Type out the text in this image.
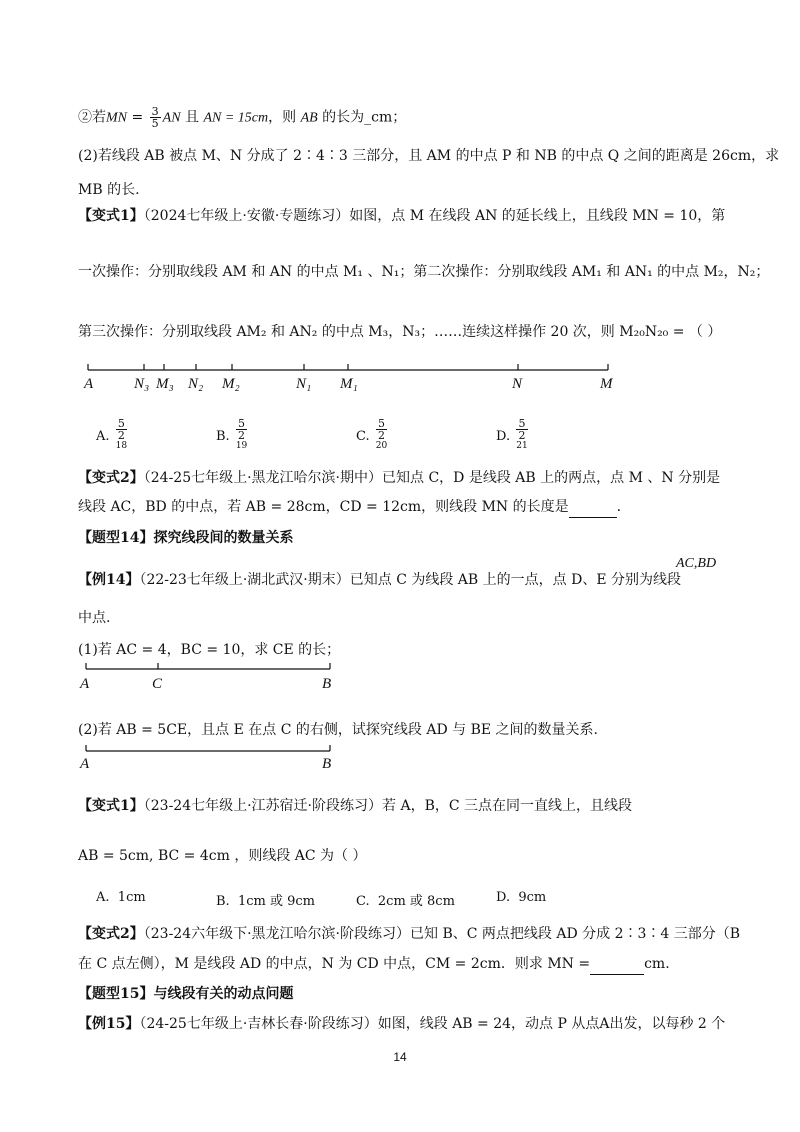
②若MN = $\frac{3}{5}$ AN 且 AN = 15cm，则 AB 的长为_cm；
(2)若线段 AB 被点 M、N 分成了 2∶4∶3 三部分，且 AM 的中点 P 和 NB 的中点 Q 之间的距离是 26cm，求
MB 的长.
【变式1】（2024七年级上·安徽·专题练习）如图，点 M 在线段 AN 的延长线上，且线段 MN = 10，第
一次操作：分别取线段 AM 和 AN 的中点 M₁ 、N₁；第二次操作：分别取线段 AM₁ 和 AN₁ 的中点 M₂，N₂；
第三次操作：分别取线段 AM₂ 和 AN₂ 的中点 M₃，N₃；……连续这样操作 20 次，则 M₂₀N₂₀ = （ ）
A	N₃ M₃ N₂ M₂	N₁ M₁	N	M
A. 5
2
$^{18}$	B. 5
2
$^{19}$	C. 5
2
$^{20}$	D. 5
2
$^{21}$
【变式2】（24-25七年级上·黑龙江哈尔滨·期中）已知点 C，D 是线段 AB 上的两点，点 M 、N 分别是
线段 AC，BD 的中点，若 AB = 28cm，CD = 12cm，则线段 MN 的长度是	.
【题型14】探究线段间的数量关系
【例14】（22-23七年级上·湖北武汉·期末）已知点 C 为线段 AB 上的一点，点 D、E 分别为线段
AC,BD
中点.
(1)若 AC = 4，BC = 10，求 CE 的长；
A	C	B
(2)若 AB = 5CE，且点 E 在点 C 的右侧，试探究线段 AD 与 BE 之间的数量关系.
A	B
【变式1】（23-24七年级上·江苏宿迁·阶段练习）若 A，B，C 三点在同一直线上，且线段
AB = 5cm, BC = 4cm ，则线段 AC 为（ ）
A. 1cm	B. 1cm 或 9cm	C. 2cm 或 8cm	D. 9cm
【变式2】（23-24六年级下·黑龙江哈尔滨·阶段练习）已知 B、C 两点把线段 AD 分成 2∶3∶4 三部分（B
在 C 点左侧），M 是线段 AD 的中点，N 为 CD 中点，CM = 2cm．则求 MN =	cm.
【题型15】与线段有关的动点问题
【例15】（24-25七年级上·吉林长春·阶段练习）如图，线段 AB = 24，动点 P 从点A出发，以每秒 2 个
14
